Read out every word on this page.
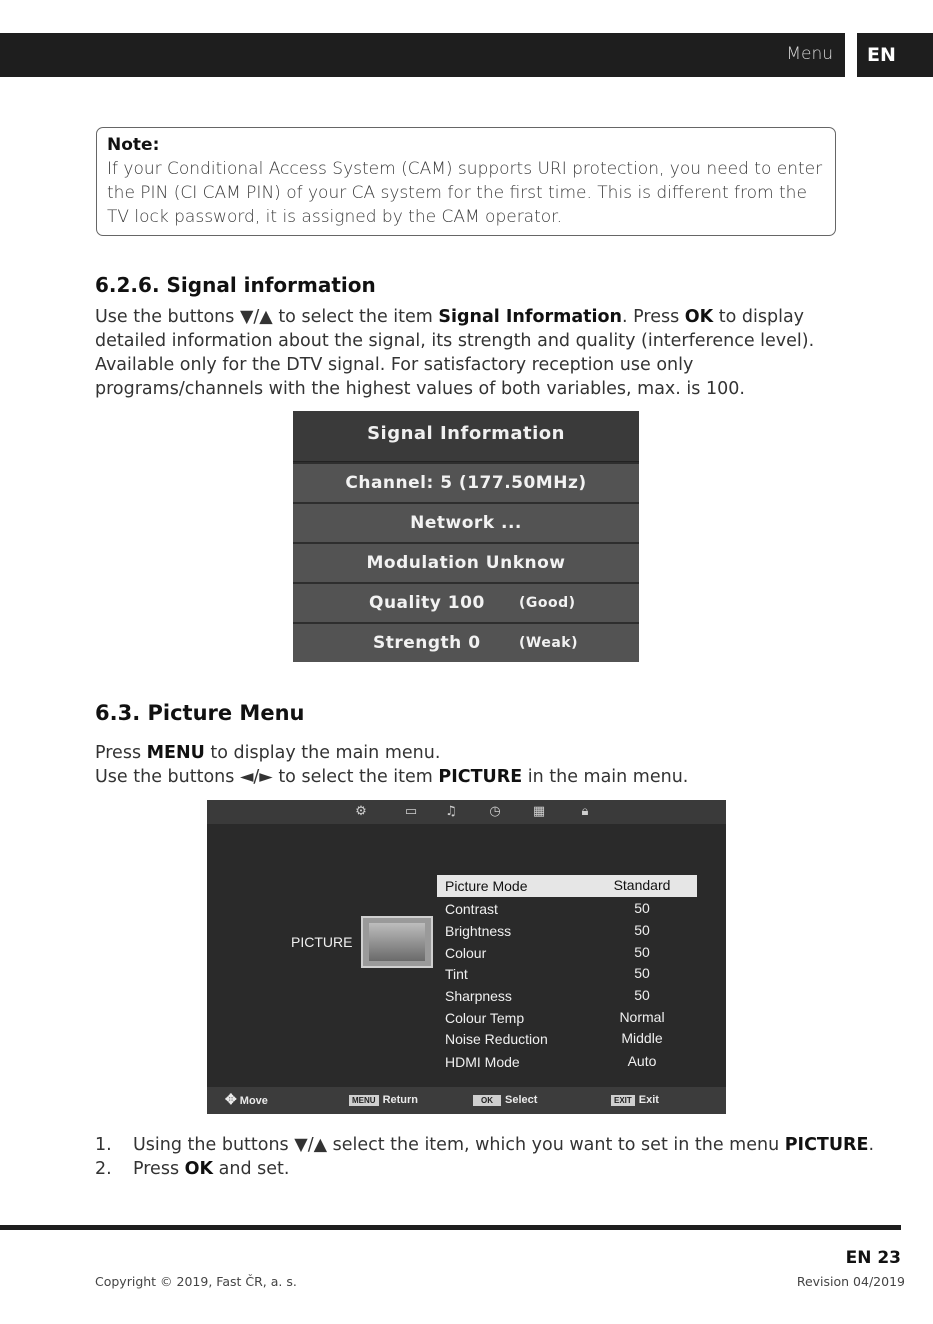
Menu	EN

Note:

If your Conditional Access System (CAM) supports URI protection, you need to enter the PIN (CI CAM PIN) of your CA system for the first time. This is different from the TV lock password, it is assigned by the CAM operator.

6.2.6. Signal information

Use the buttons ▼/▲ to select the item Signal Information. Press OK to display detailed information about the signal, its strength and quality (interference level). Available only for the DTV signal. For satisfactory reception use only programs/channels with the highest values of both variables, max. is 100.

Signal Information
Channel: 5 (177.50MHz)
Network ...
Modulation Unknow
Quality 100 (Good)
Strength 0	(Weak)
6.3. Picture Menu

Press MENU to display the main menu.
Use the buttons ◄/► to select the item PICTURE in the main menu.

⚙	▭ ♫	◷ ▦	🔒︎
PICTURE
Picture Mode	Standard
Contrast	50
Brightness	50
Colour	50
Tint	50
Sharpness	50
Colour Temp	Normal
Noise Reduction	Middle
HDMI Mode	Auto
✥ Move	MENU Return	OK Select	EXIT Exit
1. Using the buttons ▼/▲ select the item, which you want to set in the menu PICTURE.
2. Press OK and set.
EN 23
Copyright © 2019, Fast ČR, a. s.	Revision 04/2019
